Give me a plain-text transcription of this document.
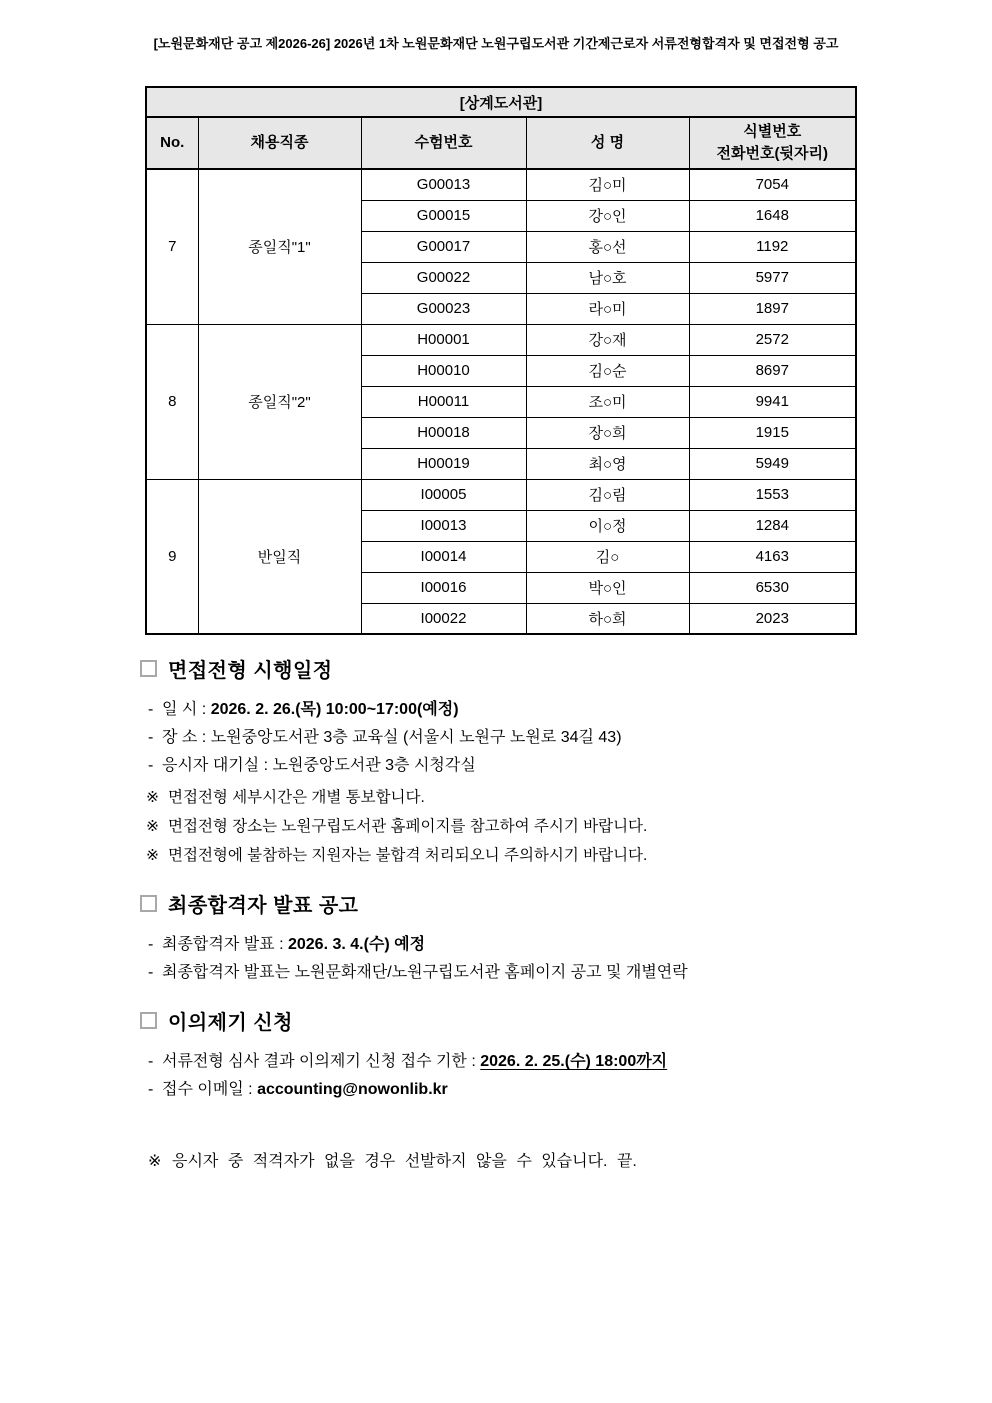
[노원문화재단 공고 제2026-26] 2026년 1차 노원문화재단 노원구립도서관 기간제근로자 서류전형합격자 및 면접전형 공고
[상계도서관]				
No.	채용직종	수험번호	성 명	식별번호
전화번호(뒷자리)

7	종일직"1"	G00013	김○미	7054
		G00015	강○인	1648
		G00017	홍○선	1192
		G00022	남○호	5977
		G00023	라○미	1897
8	종일직"2"	H00001	강○재	2572
		H00010	김○순	8697
		H00011	조○미	9941
		H00018	장○희	1915
		H00019	최○영	5949
9	반일직	I00005	김○림	1553
		I00013	이○정	1284
		I00014	김○	4163
		I00016	박○인	6530
		I00022	하○희	2023
면접전형 시행일정
- 일 시 : 2026. 2. 26.(목) 10:00~17:00(예정)
- 장 소 : 노원중앙도서관 3층 교육실 (서울시 노원구 노원로 34길 43)
- 응시자 대기실 : 노원중앙도서관 3층 시청각실
※ 면접전형 세부시간은 개별 통보합니다.
※ 면접전형 장소는 노원구립도서관 홈페이지를 참고하여 주시기 바랍니다.
※ 면접전형에 불참하는 지원자는 불합격 처리되오니 주의하시기 바랍니다.
최종합격자 발표 공고
- 최종합격자 발표 : 2026. 3. 4.(수) 예정
- 최종합격자 발표는 노원문화재단/노원구립도서관 홈페이지 공고 및 개별연락
이의제기 신청
- 서류전형 심사 결과 이의제기 신청 접수 기한 : 2026. 2. 25.(수) 18:00까지
- 접수 이메일 : accounting@nowonlib.kr
※ 응시자 중 적격자가 없을 경우 선발하지 않을 수 있습니다. 끝.
